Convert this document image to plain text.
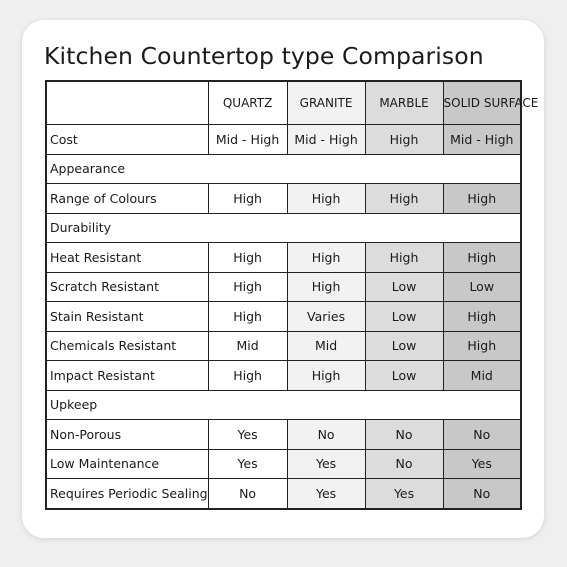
Kitchen Countertop type Comparison
	QUARTZ	GRANITE	MARBLE	SOLID SURFACE
Cost	Mid - High	Mid - High	High	Mid - High
Appearance				
Range of Colours	High	High	High	High
Durability				
Heat Resistant	High	High	High	High
Scratch Resistant	High	High	Low	Low
Stain Resistant	High	Varies	Low	High
Chemicals Resistant	Mid	Mid	Low	High
Impact Resistant	High	High	Low	Mid
Upkeep				
Non-Porous	Yes	No	No	No
Low Maintenance	Yes	Yes	No	Yes
Requires Periodic Sealing	No	Yes	Yes	No
